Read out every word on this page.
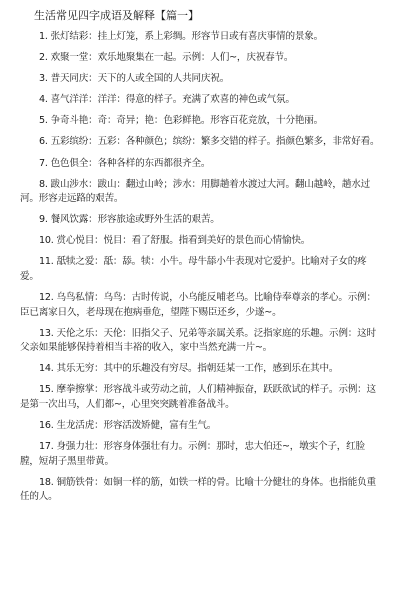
生活常见四字成语及解释【篇一】

1. 张灯结彩：挂上灯笼，系上彩绸。形容节日或有喜庆事情的景象。

2. 欢聚一堂：欢乐地聚集在一起。示例：人们~，庆祝春节。

3. 普天同庆：天下的人或全国的人共同庆祝。

4. 喜气洋洋：洋洋：得意的样子。充满了欢喜的神色或气氛。

5. 争奇斗艳：奇：奇异；艳：色彩鲜艳。形容百花竞放，十分艳丽。

6. 五彩缤纷：五彩：各种颜色；缤纷：繁多交错的样子。指颜色繁多，非常好看。

7. 色色俱全：各种各样的东西都很齐全。

8. 跋山涉水：跋山：翻过山岭；涉水：用脚趟着水渡过大河。翻山越岭，趟水过河。形容走远路的艰苦。

9. 餐风饮露：形容旅途或野外生活的艰苦。

10. 赏心悦目：悦目：看了舒服。指看到美好的景色而心情愉快。

11. 舐犊之爱：舐：舔。犊：小牛。母牛舔小牛表现对它爱护。比喻对子女的疼爱。

12. 乌鸟私情：乌鸟：古时传说，小乌能反哺老乌。比喻侍奉尊亲的孝心。示例：臣已离家日久，老母现在抱病垂危，望陛下赐臣还乡，少遂~。

13. 天伦之乐：天伦：旧指父子、兄弟等亲属关系。泛指家庭的乐趣。示例：这时父亲如果能够保持着相当丰裕的收入，家中当然充满一片~。

14. 其乐无穷：其中的乐趣没有穷尽。指朝廷某一工作，感到乐在其中。

15. 摩拳擦掌：形容战斗或劳动之前，人们精神振奋，跃跃欲试的样子。示例：这是第一次出马，人们都~，心里突突跳着准备战斗。

16. 生龙活虎：形容活泼矫健，富有生气。

17. 身强力壮：形容身体强壮有力。示例：那时，忠大伯还~，墩实个子，红脸膛，短胡子黑里带黄。

18. 铜筋铁骨：如铜一样的筋，如铁一样的骨。比喻十分健壮的身体。也指能负重任的人。
